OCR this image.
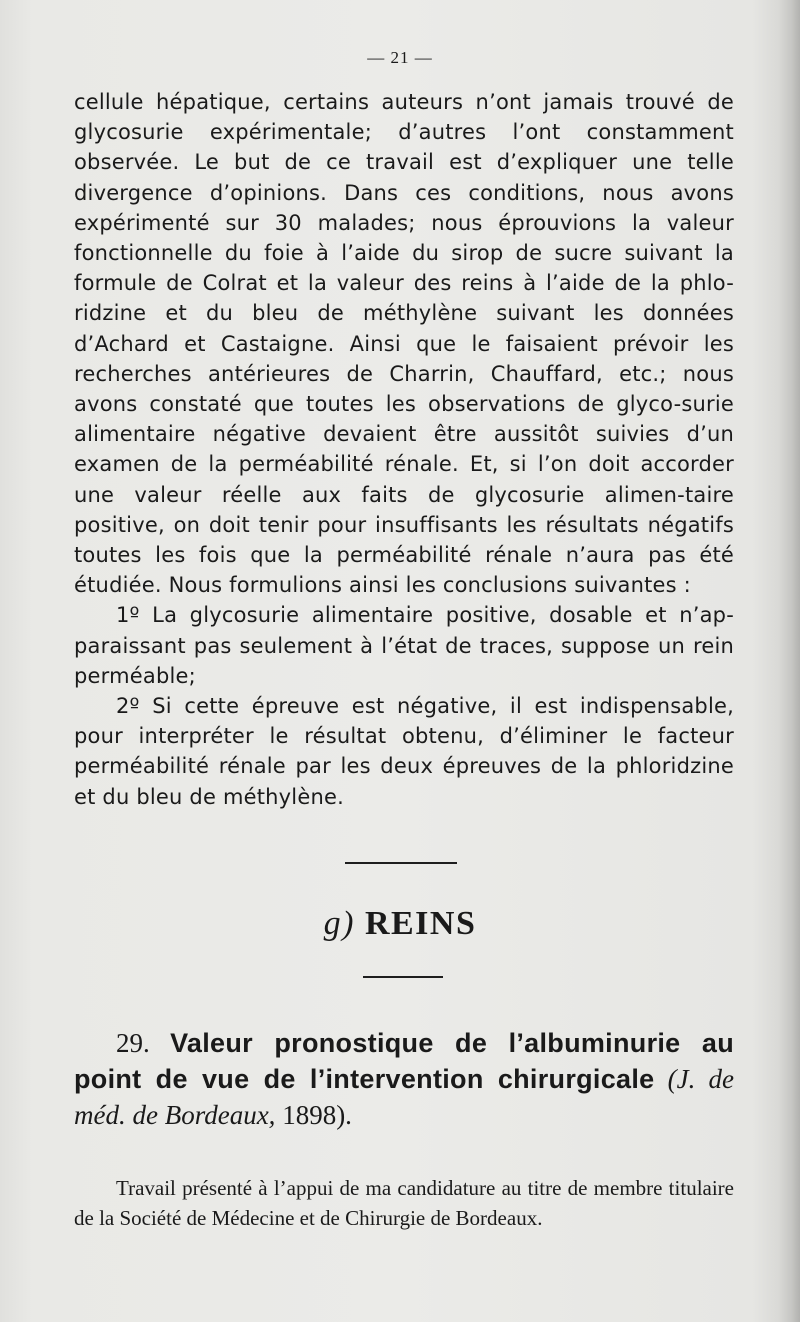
— 21 —

cellule hépatique, certains auteurs n’ont jamais trouvé de glycosurie expérimentale; d’autres l’ont constamment observée. Le but de ce travail est d’expliquer une telle divergence d’opinions. Dans ces conditions, nous avons expérimenté sur 30 malades; nous éprouvions la valeur fonctionnelle du foie à l’aide du sirop de sucre suivant la formule de Colrat et la valeur des reins à l’aide de la phlo-ridzine et du bleu de méthylène suivant les données d’Achard et Castaigne. Ainsi que le faisaient prévoir les recherches antérieures de Charrin, Chauffard, etc.; nous avons constaté que toutes les observations de glyco-surie alimentaire négative devaient être aussitôt suivies d’un examen de la perméabilité rénale. Et, si l’on doit accorder une valeur réelle aux faits de glycosurie alimen-taire positive, on doit tenir pour insuffisants les résultats négatifs toutes les fois que la perméabilité rénale n’aura pas été étudiée. Nous formulions ainsi les conclusions suivantes :

1º La glycosurie alimentaire positive, dosable et n’ap-paraissant pas seulement à l’état de traces, suppose un rein perméable;

2º Si cette épreuve est négative, il est indispensable, pour interpréter le résultat obtenu, d’éliminer le facteur perméabilité rénale par les deux épreuves de la phloridzine et du bleu de méthylène.

g) REINS
29. Valeur pronostique de l’albuminurie au point de vue de l’intervention chirurgicale (J. de méd. de Bordeaux, 1898).

Travail présenté à l’appui de ma candidature au titre de membre titulaire de la Société de Médecine et de Chirurgie de Bordeaux.
